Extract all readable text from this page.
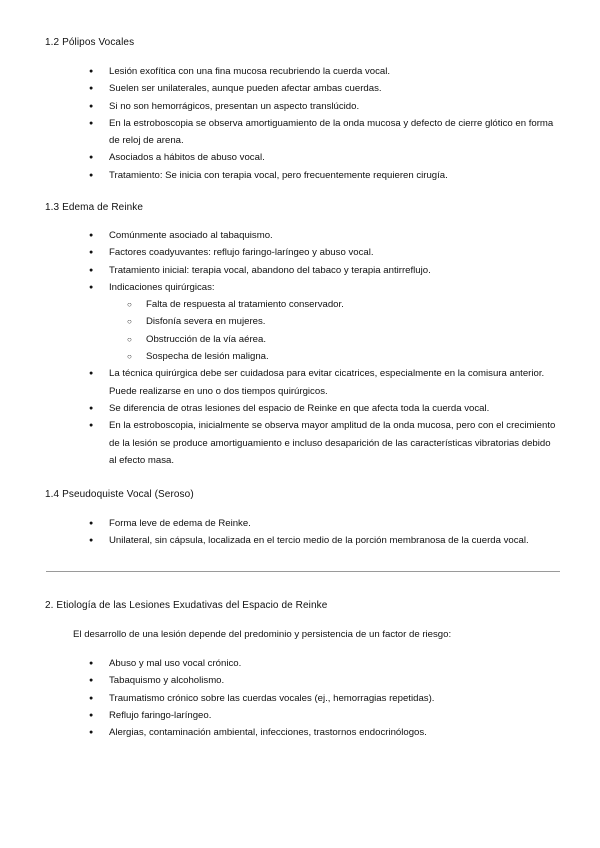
1.2 Pólipos Vocales
● Lesión exofítica con una fina mucosa recubriendo la cuerda vocal.
● Suelen ser unilaterales, aunque pueden afectar ambas cuerdas.
● Si no son hemorrágicos, presentan un aspecto translúcido.
● En la estroboscopia se observa amortiguamiento de la onda mucosa y defecto de cierre glótico en forma de reloj de arena.
● Asociados a hábitos de abuso vocal.
● Tratamiento: Se inicia con terapia vocal, pero frecuentemente requieren cirugía.
1.3 Edema de Reinke
● Comúnmente asociado al tabaquismo.
● Factores coadyuvantes: reflujo faringo-laríngeo y abuso vocal.
● Tratamiento inicial: terapia vocal, abandono del tabaco y terapia antirreflujo.
● Indicaciones quirúrgicas:
○ Falta de respuesta al tratamiento conservador.
○ Disfonía severa en mujeres.
○ Obstrucción de la vía aérea.
○ Sospecha de lesión maligna.
● La técnica quirúrgica debe ser cuidadosa para evitar cicatrices, especialmente en la comisura anterior. Puede realizarse en uno o dos tiempos quirúrgicos.
● Se diferencia de otras lesiones del espacio de Reinke en que afecta toda la cuerda vocal.
● En la estroboscopia, inicialmente se observa mayor amplitud de la onda mucosa, pero con el crecimiento de la lesión se produce amortiguamiento e incluso desaparición de las características vibratorias debido al efecto masa.
1.4 Pseudoquiste Vocal (Seroso)
● Forma leve de edema de Reinke.
● Unilateral, sin cápsula, localizada en el tercio medio de la porción membranosa de la cuerda vocal.
2. Etiología de las Lesiones Exudativas del Espacio de Reinke

El desarrollo de una lesión depende del predominio y persistencia de un factor de riesgo:

● Abuso y mal uso vocal crónico.
● Tabaquismo y alcoholismo.
● Traumatismo crónico sobre las cuerdas vocales (ej., hemorragias repetidas).
● Reflujo faringo-laríngeo.
● Alergias, contaminación ambiental, infecciones, trastornos endocrinólogos.
